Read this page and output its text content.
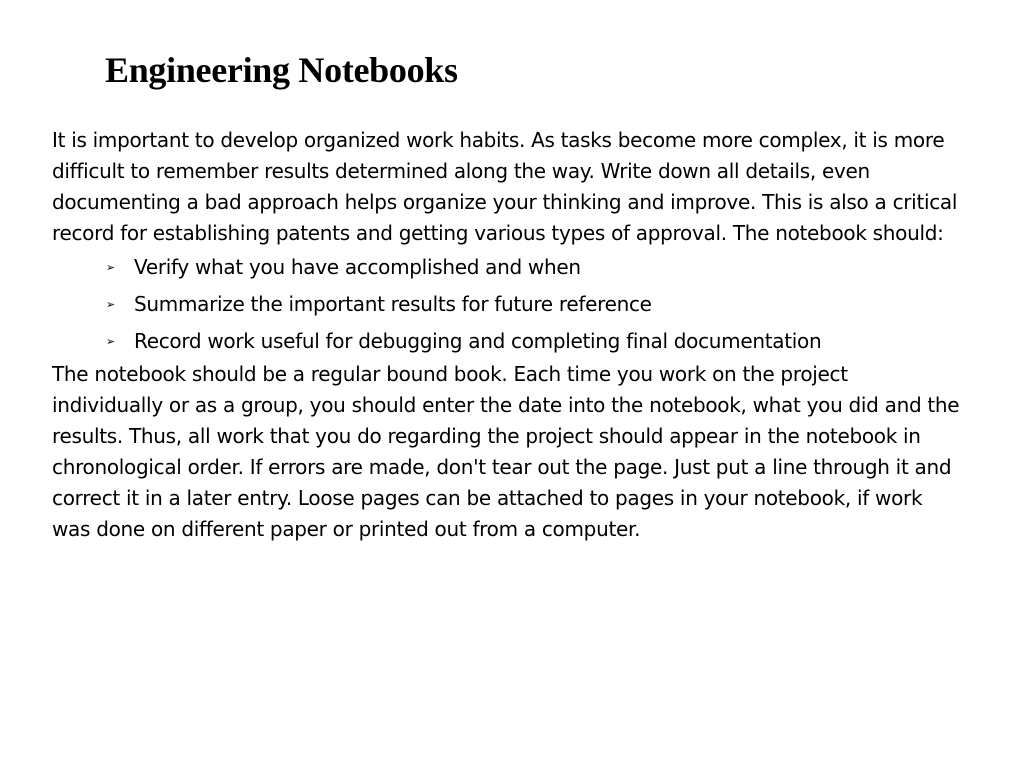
Engineering Notebooks

It is important to develop organized work habits. As tasks become more complex, it is more difficult to remember results determined along the way. Write down all details, even documenting a bad approach helps organize your thinking and improve. This is also a critical record for establishing patents and getting various types of approval. The notebook should:

➢ Verify what you have accomplished and when
➢ Summarize the important results for future reference
➢ Record work useful for debugging and completing final documentation

The notebook should be a regular bound book. Each time you work on the project individually or as a group, you should enter the date into the notebook, what you did and the results. Thus, all work that you do regarding the project should appear in the notebook in chronological order. If errors are made, don't tear out the page. Just put a line through it and correct it in a later entry. Loose pages can be attached to pages in your notebook, if work was done on different paper or printed out from a computer.
